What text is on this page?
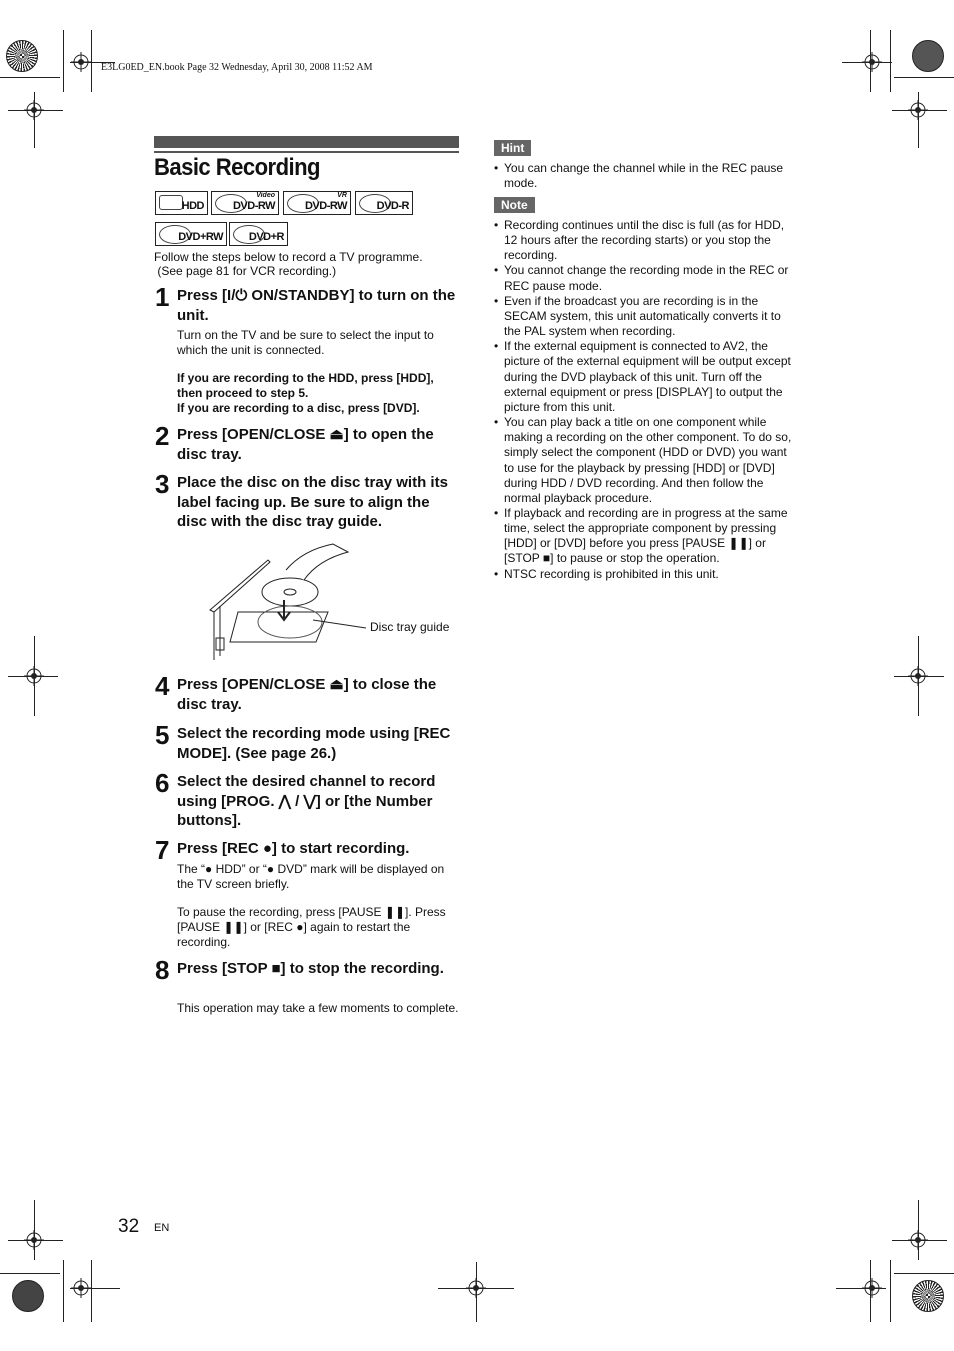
E3LG0ED_EN.book Page 32 Wednesday, April 30, 2008 11:52 AM
Basic Recording
HDD
Video
DVD-RW
VR
DVD-RW	DVD-R
DVD+RW DVD+R
Follow the steps below to record a TV programme.
(See page 81 for VCR recording.)
1 Press [I/⏻ ON/STANDBY] to turn on the unit.
Turn on the TV and be sure to select the input to which the unit is connected.
If you are recording to the HDD, press [HDD], then proceed to step 5.
If you are recording to a disc, press [DVD].
2 Press [OPEN/CLOSE ⏏] to open the disc tray.
3 Place the disc on the disc tray with its label facing up. Be sure to align the disc with the disc tray guide.
Disc tray guide
4 Press [OPEN/CLOSE ⏏] to close the disc tray.
5 Select the recording mode using [REC MODE]. (See page 26.)
6 Select the desired channel to record using [PROG. ⋀ / ⋁] or [the Number buttons].
7 Press [REC ●] to start recording.
The “● HDD” or “● DVD” mark will be displayed on the TV screen briefly.
To pause the recording, press [PAUSE ❚❚]. Press [PAUSE ❚❚] or [REC ●] again to restart the recording.
8 Press [STOP ■] to stop the recording.
This operation may take a few moments to complete.
Hint
• You can change the channel while in the REC pause mode.
Note
• Recording continues until the disc is full (as for HDD, 12 hours after the recording starts) or you stop the recording.
• You cannot change the recording mode in the REC or REC pause mode.
• Even if the broadcast you are recording is in the SECAM system, this unit automatically converts it to the PAL system when recording.
• If the external equipment is connected to AV2, the picture of the external equipment will be output except during the DVD playback of this unit. Turn off the external equipment or press [DISPLAY] to output the picture from this unit.
• You can play back a title on one component while making a recording on the other component. To do so, simply select the component (HDD or DVD) you want to use for the playback by pressing [HDD] or [DVD] during HDD / DVD recording. And then follow the normal playback procedure.
• If playback and recording are in progress at the same time, select the appropriate component by pressing [HDD] or [DVD] before you press [PAUSE ❚❚] or [STOP ■] to pause or stop the operation.
• NTSC recording is prohibited in this unit.
32 EN
